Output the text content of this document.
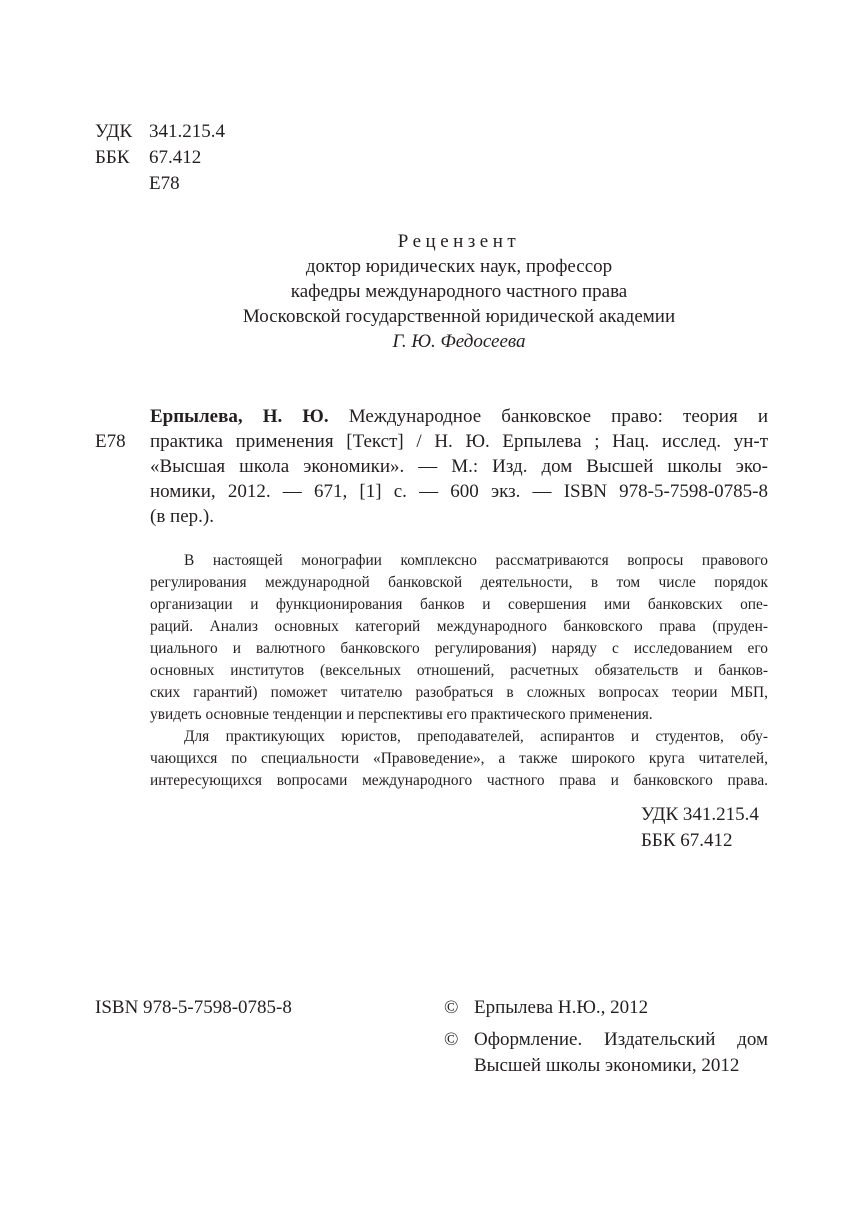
УДК 341.215.4
ББК	67.412
Е78
Рецензент
доктор юридических наук, профессор
кафедры международного частного права
Московской государственной юридической академии
Г. Ю. Федосеева
Е78
Ерпылева, Н. Ю. Международное банковское право: теория и
практика применения [Текст] / Н. Ю. Ерпылева ; Нац. исслед. ун-т
«Высшая школа экономики». — М.: Изд. дом Высшей школы эко-
номики, 2012. — 671, [1] с. — 600 экз. — ISBN 978-5-7598-0785-8
(в пер.).
В настоящей монографии комплексно рассматриваются вопросы правового
регулирования международной банковской деятельности, в том числе порядок
организации и функционирования банков и совершения ими банковских опе-
раций. Анализ основных категорий международного банковского права (пруден-
циального и валютного банковского регулирования) наряду с исследованием его
основных институтов (вексельных отношений, расчетных обязательств и банков-
ских гарантий) поможет читателю разобраться в сложных вопросах теории МБП,
увидеть основные тенденции и перспективы его практического применения.
Для практикующих юристов, преподавателей, аспирантов и студентов, обу-
чающихся по специальности «Правоведение», а также широкого круга читателей,
интересующихся вопросами международного частного права и банковского права.
УДК 341.215.4
ББК 67.412
ISBN 978-5-7598-0785-8	© Ерпылева Н.Ю., 2012
© Оформление. Издательский дом
Высшей школы экономики, 2012
